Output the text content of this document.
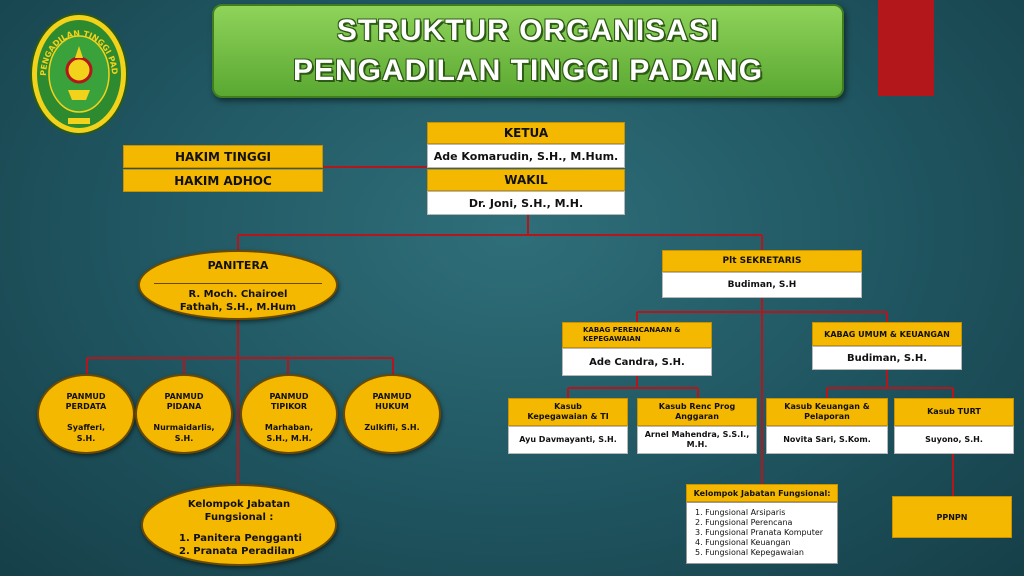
PENGADILAN TINGGI PAD
STRUKTUR ORGANISASI
PENGADILAN TINGGI PADANG
HAKIM TINGGI
HAKIM ADHOC
KETUA
Ade Komarudin, S.H., M.Hum.
WAKIL
Dr. Joni, S.H., M.H.
PANITERA
R. Moch. Chairoel
Fathah, S.H., M.Hum
PANMUD
PERDATA
Syafferi,
S.H.
PANMUD
PIDANA
Nurmaidarlis,
S.H.
PANMUD
TIPIKOR
Marhaban,
S.H., M.H.
PANMUD
HUKUM
Zulkifli, S.H.
Kelompok Jabatan
Fungsional :
1. Panitera Pengganti
2. Pranata Peradilan
Plt SEKRETARIS
Budiman, S.H
KABAG PERENCANAAN &
KEPEGAWAIAN
Ade Candra, S.H.
KABAG UMUM & KEUANGAN
Budiman, S.H.
Kasub
Kepegawaian & TI
Ayu Davmayanti, S.H.
Kasub Renc Prog
Anggaran
Arnel Mahendra, S.S.I.,
M.H.
Kasub Keuangan &
Pelaporan
Novita Sari, S.Kom.
Kasub TURT
Suyono, S.H.
Kelompok Jabatan Fungsional:
1. Fungsional Arsiparis
2. Fungsional Perencana
3. Fungsional Pranata Komputer
4. Fungsional Keuangan
5. Fungsional Kepegawaian
PPNPN
